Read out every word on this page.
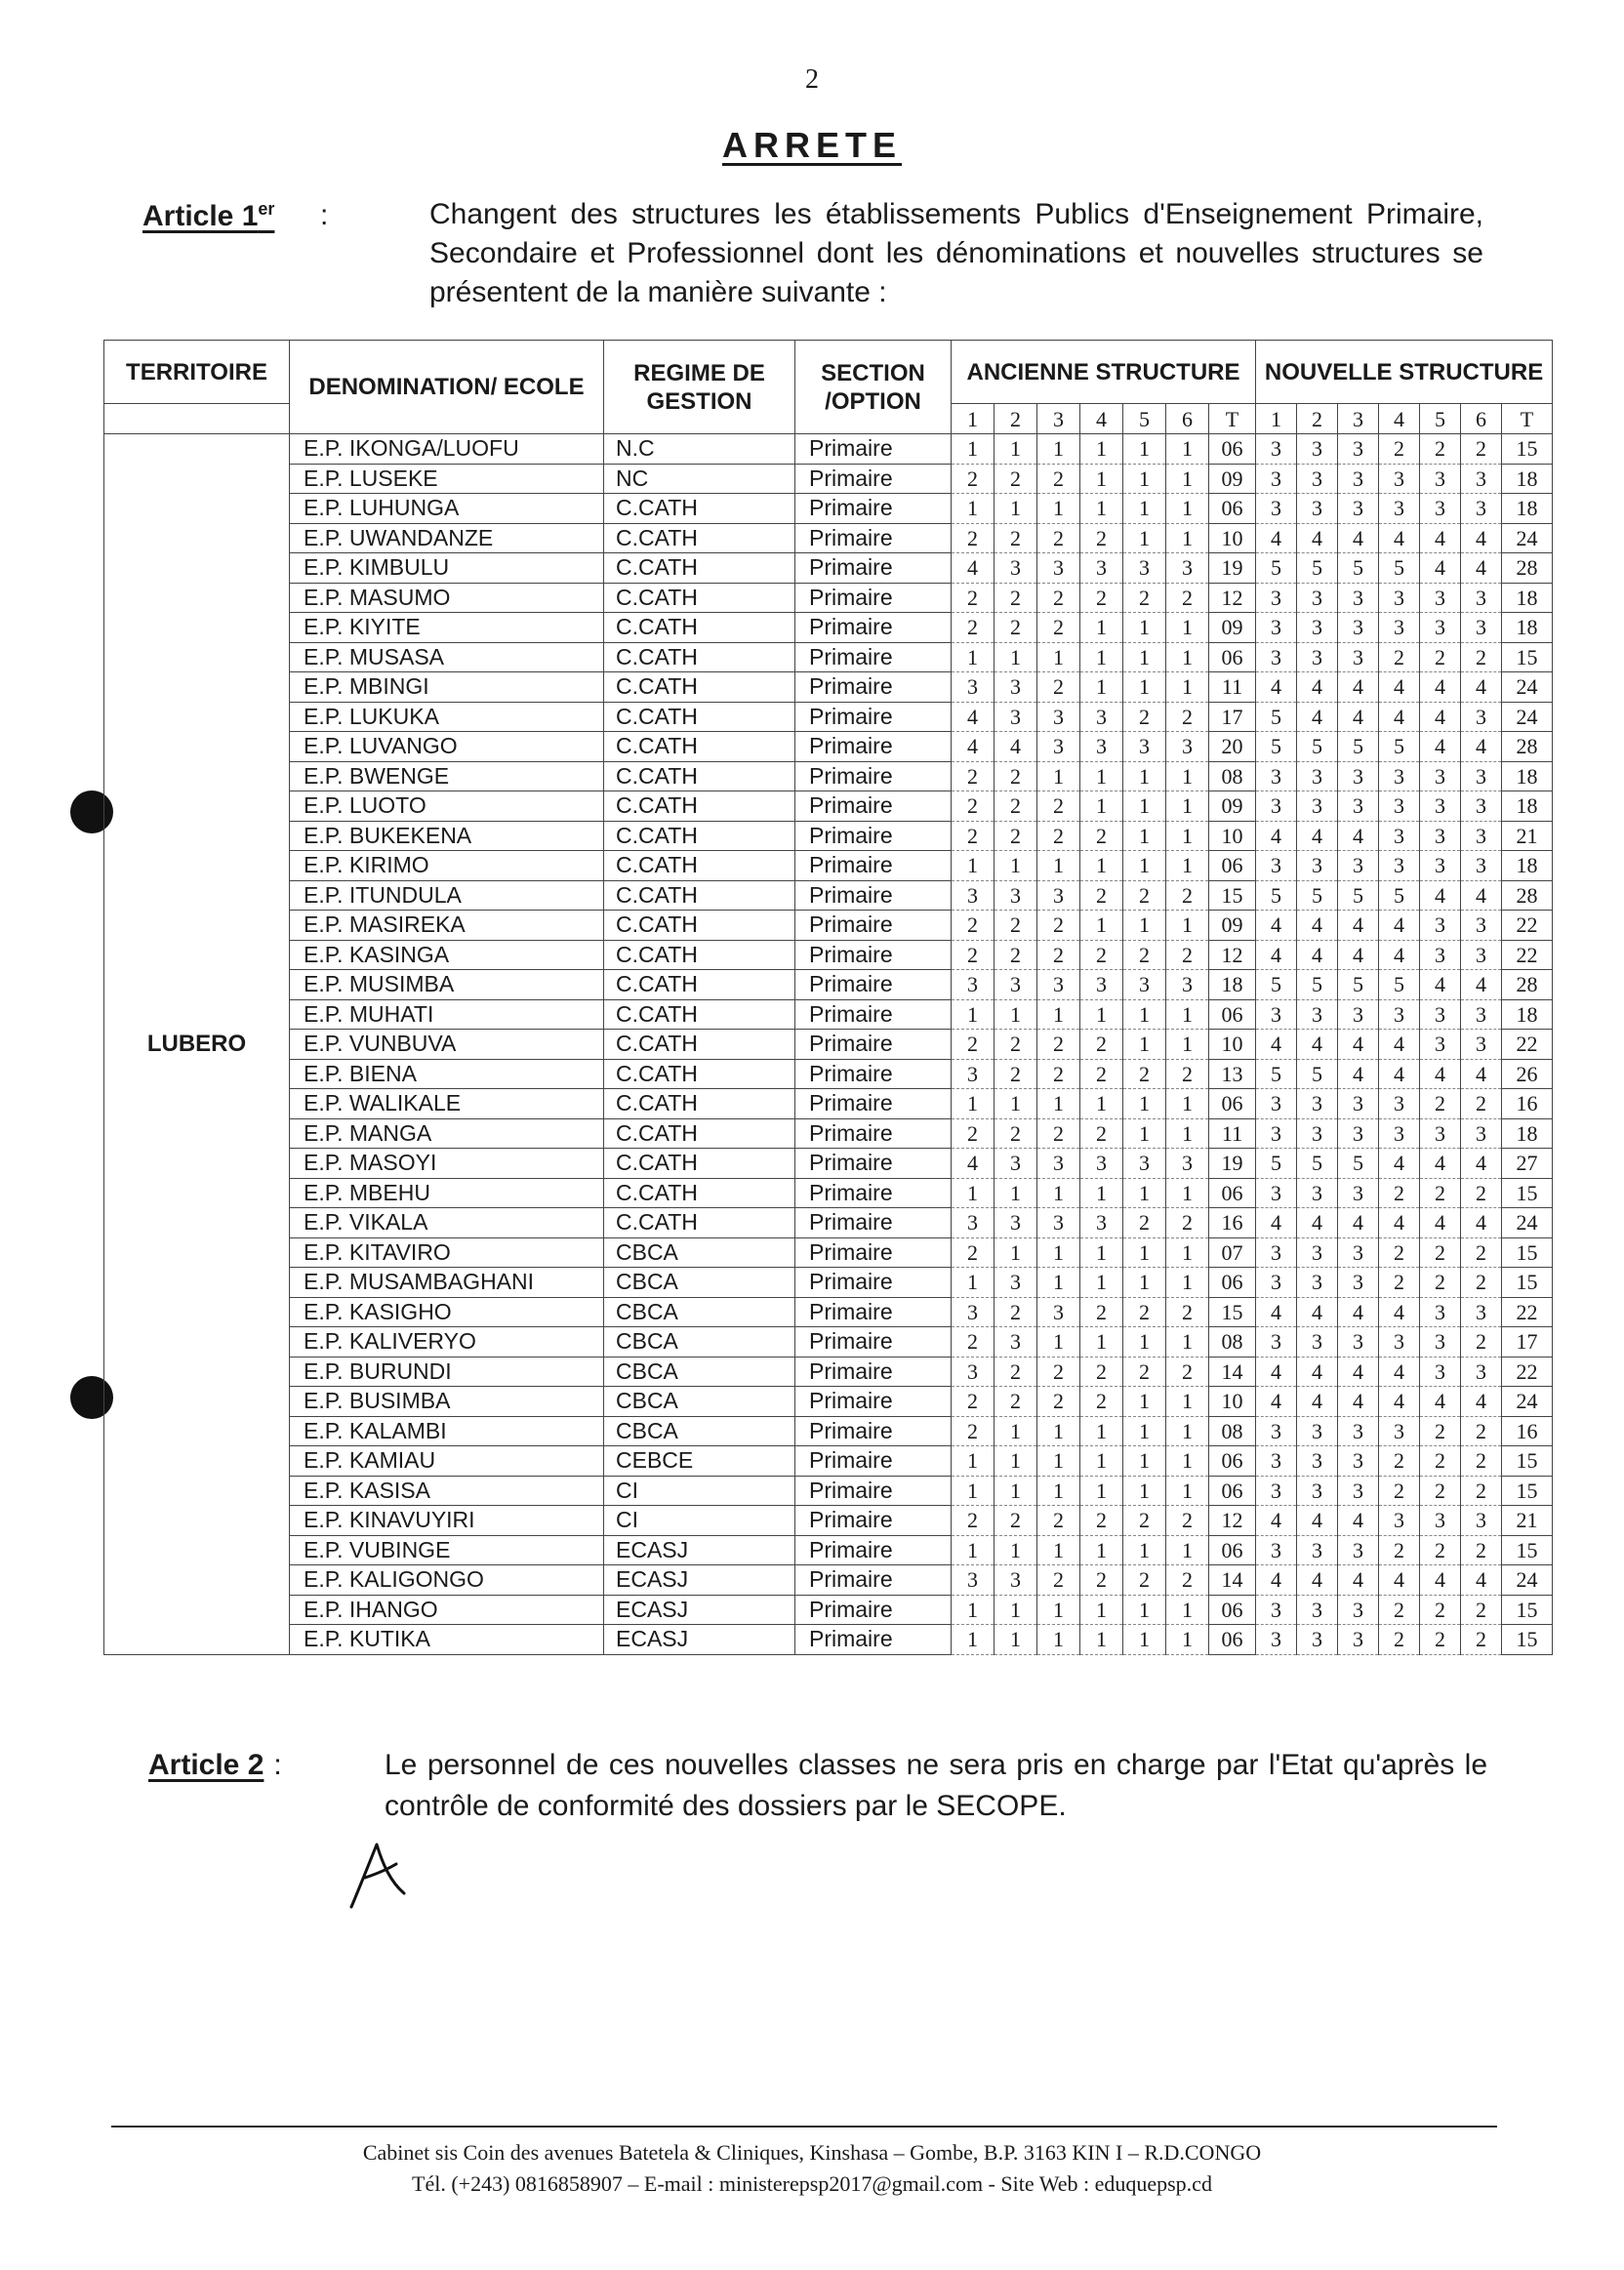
2
ARRETE
Article 1er :	Changent des structures les établissements Publics d'Enseignement Primaire, Secondaire et Professionnel dont les dénominations et nouvelles structures se présentent de la manière suivante :
TERRITOIRE	DENOMINATION/ ECOLE	REGIME DE GESTION	SECTION /OPTION	ANCIENNE STRUCTURE							NOUVELLE STRUCTURE						
				1	2	3	4	5	6	T	1	2	3	4	5	6	T
LUBERO	E.P. IKONGA/LUOFU	N.C	Primaire	1	1	1	1	1	1	06	3	3	3	2	2	2	15
	E.P. LUSEKE	NC	Primaire	2	2	2	1	1	1	09	3	3	3	3	3	3	18
	E.P. LUHUNGA	C.CATH	Primaire	1	1	1	1	1	1	06	3	3	3	3	3	3	18
	E.P. UWANDANZE	C.CATH	Primaire	2	2	2	2	1	1	10	4	4	4	4	4	4	24
	E.P. KIMBULU	C.CATH	Primaire	4	3	3	3	3	3	19	5	5	5	5	4	4	28
	E.P. MASUMO	C.CATH	Primaire	2	2	2	2	2	2	12	3	3	3	3	3	3	18
	E.P. KIYITE	C.CATH	Primaire	2	2	2	1	1	1	09	3	3	3	3	3	3	18
	E.P. MUSASA	C.CATH	Primaire	1	1	1	1	1	1	06	3	3	3	2	2	2	15
	E.P. MBINGI	C.CATH	Primaire	3	3	2	1	1	1	11	4	4	4	4	4	4	24
	E.P. LUKUKA	C.CATH	Primaire	4	3	3	3	2	2	17	5	4	4	4	4	3	24
	E.P. LUVANGO	C.CATH	Primaire	4	4	3	3	3	3	20	5	5	5	5	4	4	28
	E.P. BWENGE	C.CATH	Primaire	2	2	1	1	1	1	08	3	3	3	3	3	3	18
	E.P. LUOTO	C.CATH	Primaire	2	2	2	1	1	1	09	3	3	3	3	3	3	18
	E.P. BUKEKENA	C.CATH	Primaire	2	2	2	2	1	1	10	4	4	4	3	3	3	21
	E.P. KIRIMO	C.CATH	Primaire	1	1	1	1	1	1	06	3	3	3	3	3	3	18
	E.P. ITUNDULA	C.CATH	Primaire	3	3	3	2	2	2	15	5	5	5	5	4	4	28
	E.P. MASIREKA	C.CATH	Primaire	2	2	2	1	1	1	09	4	4	4	4	3	3	22
	E.P. KASINGA	C.CATH	Primaire	2	2	2	2	2	2	12	4	4	4	4	3	3	22
	E.P. MUSIMBA	C.CATH	Primaire	3	3	3	3	3	3	18	5	5	5	5	4	4	28
	E.P. MUHATI	C.CATH	Primaire	1	1	1	1	1	1	06	3	3	3	3	3	3	18
	E.P. VUNBUVA	C.CATH	Primaire	2	2	2	2	1	1	10	4	4	4	4	3	3	22
	E.P. BIENA	C.CATH	Primaire	3	2	2	2	2	2	13	5	5	4	4	4	4	26
	E.P. WALIKALE	C.CATH	Primaire	1	1	1	1	1	1	06	3	3	3	3	2	2	16
	E.P. MANGA	C.CATH	Primaire	2	2	2	2	1	1	11	3	3	3	3	3	3	18
	E.P. MASOYI	C.CATH	Primaire	4	3	3	3	3	3	19	5	5	5	4	4	4	27
	E.P. MBEHU	C.CATH	Primaire	1	1	1	1	1	1	06	3	3	3	2	2	2	15
	E.P. VIKALA	C.CATH	Primaire	3	3	3	3	2	2	16	4	4	4	4	4	4	24
	E.P. KITAVIRO	CBCA	Primaire	2	1	1	1	1	1	07	3	3	3	2	2	2	15
	E.P. MUSAMBAGHANI	CBCA	Primaire	1	3	1	1	1	1	06	3	3	3	2	2	2	15
	E.P. KASIGHO	CBCA	Primaire	3	2	3	2	2	2	15	4	4	4	4	3	3	22
	E.P. KALIVERYO	CBCA	Primaire	2	3	1	1	1	1	08	3	3	3	3	3	2	17
	E.P. BURUNDI	CBCA	Primaire	3	2	2	2	2	2	14	4	4	4	4	3	3	22
	E.P. BUSIMBA	CBCA	Primaire	2	2	2	2	1	1	10	4	4	4	4	4	4	24
	E.P. KALAMBI	CBCA	Primaire	2	1	1	1	1	1	08	3	3	3	3	2	2	16
	E.P. KAMIAU	CEBCE	Primaire	1	1	1	1	1	1	06	3	3	3	2	2	2	15
	E.P. KASISA	CI	Primaire	1	1	1	1	1	1	06	3	3	3	2	2	2	15
	E.P. KINAVUYIRI	CI	Primaire	2	2	2	2	2	2	12	4	4	4	3	3	3	21
	E.P. VUBINGE	ECASJ	Primaire	1	1	1	1	1	1	06	3	3	3	2	2	2	15
	E.P. KALIGONGO	ECASJ	Primaire	3	3	2	2	2	2	14	4	4	4	4	4	4	24
	E.P. IHANGO	ECASJ	Primaire	1	1	1	1	1	1	06	3	3	3	2	2	2	15
	E.P. KUTIKA	ECASJ	Primaire	1	1	1	1	1	1	06	3	3	3	2	2	2	15
Article 2 :	Le personnel de ces nouvelles classes ne sera pris en charge par l'Etat qu'après le contrôle de conformité des dossiers par le SECOPE.
Cabinet sis Coin des avenues Batetela & Cliniques, Kinshasa – Gombe, B.P. 3163 KIN I – R.D.CONGO
Tél. (+243) 0816858907 – E-mail : ministerepsp2017@gmail.com - Site Web : eduquepsp.cd
